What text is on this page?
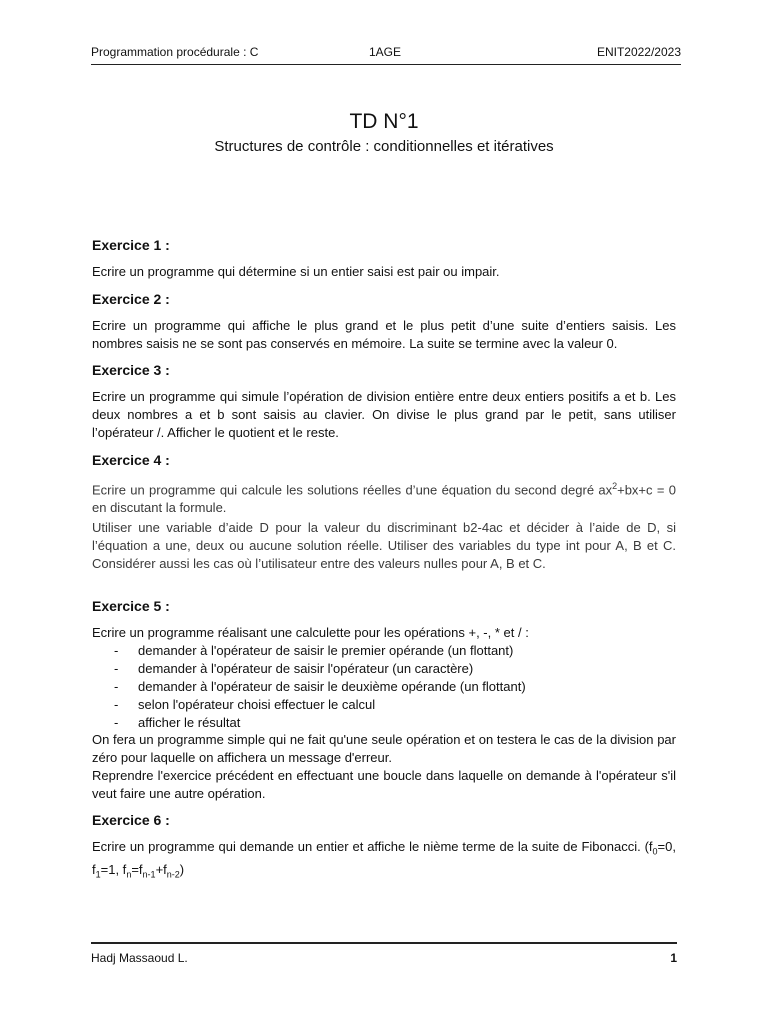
Programmation procédurale : C	1AGE	ENIT2022/2023
TD N°1
Structures de contrôle : conditionnelles et itératives
Exercice 1 :

Ecrire un programme qui détermine si un entier saisi est pair ou impair.

Exercice 2 :

Ecrire un programme qui affiche le plus grand et le plus petit d’une suite d’entiers saisis. Les nombres saisis ne se sont pas conservés en mémoire. La suite se termine avec la valeur 0.

Exercice 3 :

Ecrire un programme qui simule l’opération de division entière entre deux entiers positifs a et b. Les deux nombres a et b sont saisis au clavier. On divise le plus grand par le petit, sans utiliser l’opérateur /. Afficher le quotient et le reste.

Exercice 4 :

Ecrire un programme qui calcule les solutions réelles d’une équation du second degré $ax^2+bx+c = 0$ en discutant la formule.

Utiliser une variable d’aide D pour la valeur du discriminant b2-4ac et décider à l’aide de D, si l’équation a une, deux ou aucune solution réelle. Utiliser des variables du type int pour A, B et C. Considérer aussi les cas où l’utilisateur entre des valeurs nulles pour A, B et C.

Exercice 5 :

Ecrire un programme réalisant une calculette pour les opérations +, -, * et / :

- demander à l'opérateur de saisir le premier opérande (un flottant)
- demander à l'opérateur de saisir l'opérateur (un caractère)
- demander à l'opérateur de saisir le deuxième opérande (un flottant)
- selon l'opérateur choisi effectuer le calcul
- afficher le résultat

On fera un programme simple qui ne fait qu'une seule opération et on testera le cas de la division par zéro pour laquelle on affichera un message d'erreur.

Reprendre l'exercice précédent en effectuant une boucle dans laquelle on demande à l'opérateur s'il veut faire une autre opération.

Exercice 6 :

Ecrire un programme qui demande un entier et affiche le nième terme de la suite de Fibonacci. ($f_0=0$, $f_1=1$, $f_n=f_{n-1}+f_{n-2}$)

Hadj Massaoud L.	1
